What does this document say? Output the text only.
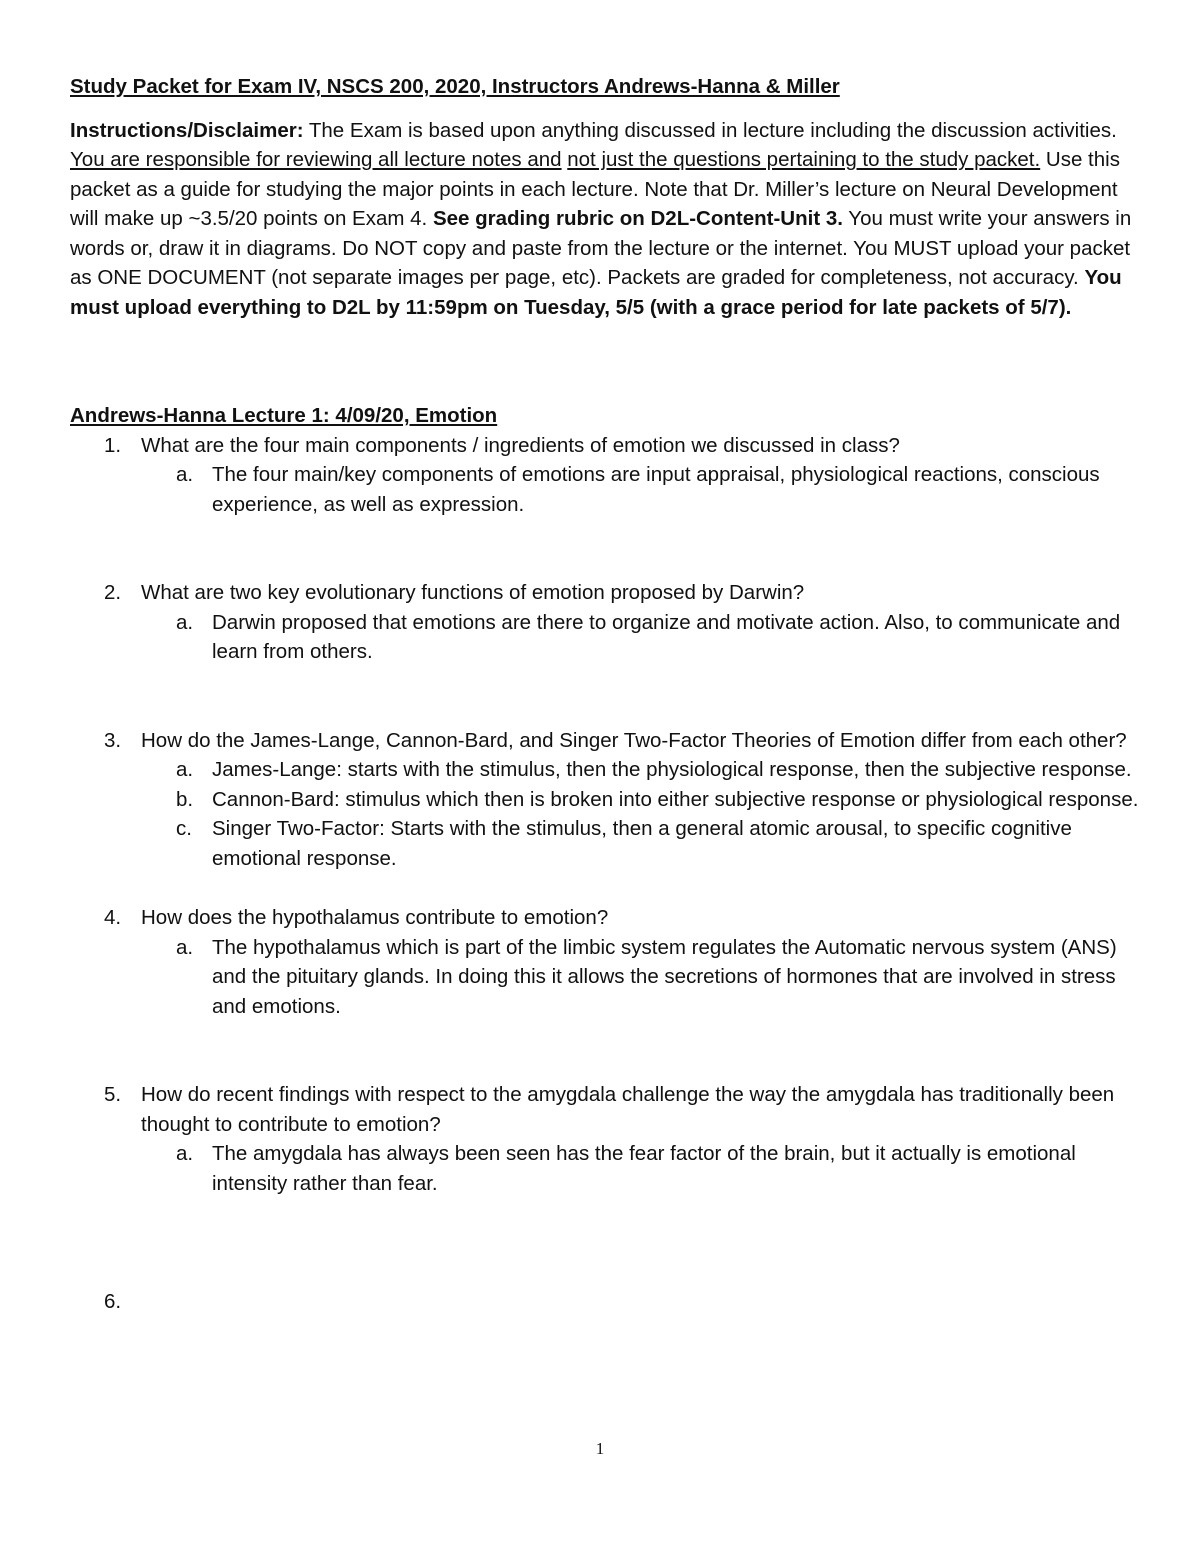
Study Packet for Exam IV, NSCS 200, 2020, Instructors Andrews-Hanna & Miller

Instructions/Disclaimer: The Exam is based upon anything discussed in lecture including the discussion activities. You are responsible for reviewing all lecture notes and not just the questions pertaining to the study packet. Use this packet as a guide for studying the major points in each lecture. Note that Dr. Miller’s lecture on Neural Development will make up ~3.5/20 points on Exam 4. See grading rubric on D2L-Content-Unit 3. You must write your answers in words or, draw it in diagrams. Do NOT copy and paste from the lecture or the internet. You MUST upload your packet as ONE DOCUMENT (not separate images per page, etc). Packets are graded for completeness, not accuracy. You must upload everything to D2L by 11:59pm on Tuesday, 5/5 (with a grace period for late packets of 5/7).

Andrews-Hanna Lecture 1: 4/09/20, Emotion
1. What are the four main components / ingredients of emotion we discussed in class?
a. The four main/key components of emotions are input appraisal, physiological reactions, conscious experience, as well as expression.
2. What are two key evolutionary functions of emotion proposed by Darwin?
a. Darwin proposed that emotions are there to organize and motivate action. Also, to communicate and learn from others.
3. How do the James-Lange, Cannon-Bard, and Singer Two-Factor Theories of Emotion differ from each other?
a. James-Lange: starts with the stimulus, then the physiological response, then the subjective response.
b. Cannon-Bard: stimulus which then is broken into either subjective response or physiological response.
c. Singer Two-Factor: Starts with the stimulus, then a general atomic arousal, to specific cognitive emotional response.
4. How does the hypothalamus contribute to emotion?
a. The hypothalamus which is part of the limbic system regulates the Automatic nervous system (ANS) and the pituitary glands. In doing this it allows the secretions of hormones that are involved in stress and emotions.
5. How do recent findings with respect to the amygdala challenge the way the amygdala has traditionally been thought to contribute to emotion?
a. The amygdala has always been seen has the fear factor of the brain, but it actually is emotional intensity rather than fear.
6.
1
